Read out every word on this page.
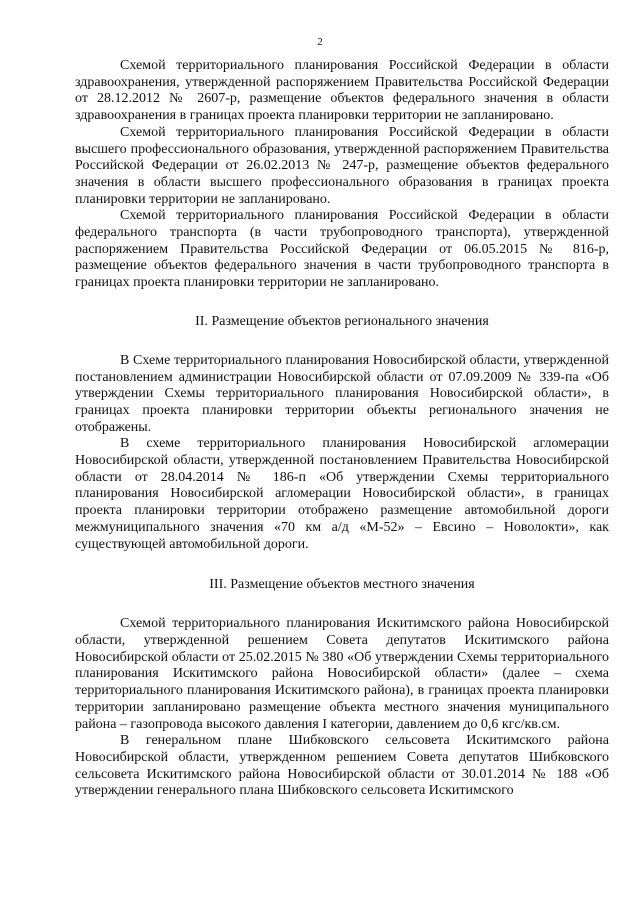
2

Схемой территориального планирования Российской Федерации в области здравоохранения, утвержденной распоряжением Правительства Российской Федерации от 28.12.2012 № 2607-р, размещение объектов федерального значения в области здравоохранения в границах проекта планировки территории не запланировано.

Схемой территориального планирования Российской Федерации в области высшего профессионального образования, утвержденной распоряжением Правительства Российской Федерации от 26.02.2013 № 247-р, размещение объектов федерального значения в области высшего профессионального образования в границах проекта планировки территории не запланировано.

Схемой территориального планирования Российской Федерации в области федерального транспорта (в части трубопроводного транспорта), утвержденной распоряжением Правительства Российской Федерации от 06.05.2015 № 816-р, размещение объектов федерального значения в части трубопроводного транспорта в границах проекта планировки территории не запланировано.

II. Размещение объектов регионального значения

В Схеме территориального планирования Новосибирской области, утвержденной постановлением администрации Новосибирской области от 07.09.2009 № 339-па «Об утверждении Схемы территориального планирования Новосибирской области», в границах проекта планировки территории объекты регионального значения не отображены.

В схеме территориального планирования Новосибирской агломерации Новосибирской области, утвержденной постановлением Правительства Новосибирской области от 28.04.2014 № 186-п «Об утверждении Схемы территориального планирования Новосибирской агломерации Новосибирской области», в границах проекта планировки территории отображено размещение автомобильной дороги межмуниципального значения «70 км а/д «М-52» – Евсино – Новолокти», как существующей автомобильной дороги.

III. Размещение объектов местного значения

Схемой территориального планирования Искитимского района Новосибирской области, утвержденной решением Совета депутатов Искитимского района Новосибирской области от 25.02.2015 № 380 «Об утверждении Схемы территориального планирования Искитимского района Новосибирской области» (далее – схема территориального планирования Искитимского района), в границах проекта планировки территории запланировано размещение объекта местного значения муниципального района – газопровода высокого давления I категории, давлением до 0,6 кгс/кв.см.

В генеральном плане Шибковского сельсовета Искитимского района Новосибирской области, утвержденном решением Совета депутатов Шибковского сельсовета Искитимского района Новосибирской области от 30.01.2014 № 188 «Об утверждении генерального плана Шибковского сельсовета Искитимского
